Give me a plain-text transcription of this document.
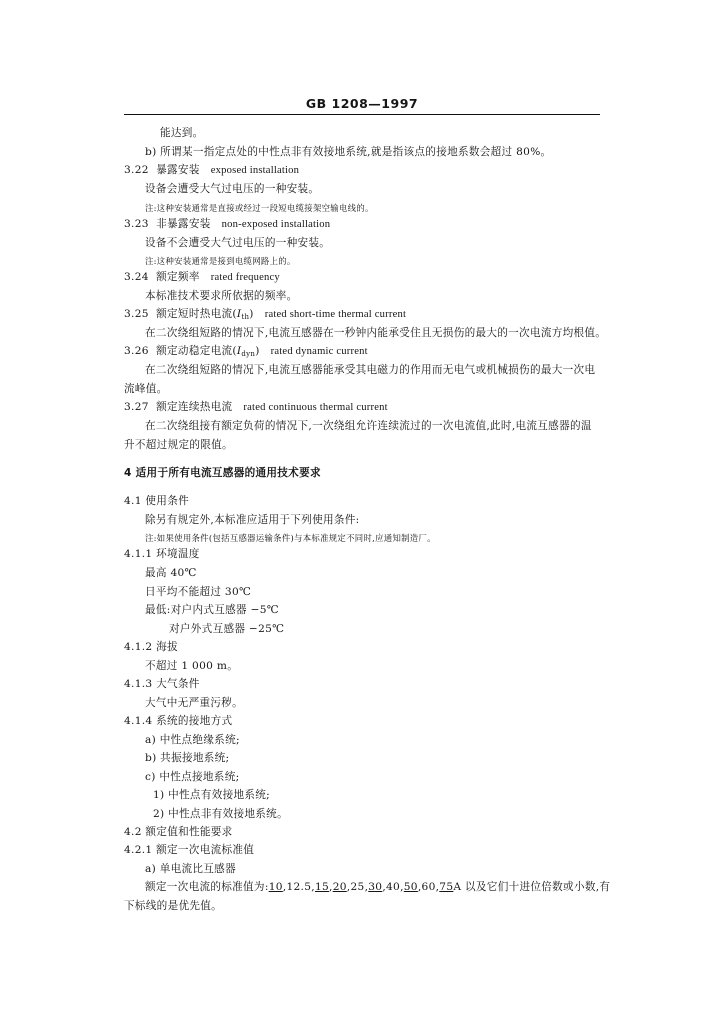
GB 1208—1997
能达到。
b) 所谓某一指定点处的中性点非有效接地系统,就是指该点的接地系数会超过 80%。
3.22 暴露安装 exposed installation
设备会遭受大气过电压的一种安装。
注:这种安装通常是直接或经过一段短电缆接架空输电线的。
3.23 非暴露安装 non-exposed installation
设备不会遭受大气过电压的一种安装。
注:这种安装通常是接到电缆网路上的。
3.24 额定频率 rated frequency
本标准技术要求所依据的频率。
3.25 额定短时热电流$(I_{th})$ rated short-time thermal current
在二次绕组短路的情况下,电流互感器在一秒钟内能承受住且无损伤的最大的一次电流方均根值。
3.26 额定动稳定电流$(I_{dyn})$ rated dynamic current
在二次绕组短路的情况下,电流互感器能承受其电磁力的作用而无电气或机械损伤的最大一次电
流峰值。
3.27 额定连续热电流 rated continuous thermal current
在二次绕组接有额定负荷的情况下,一次绕组允许连续流过的一次电流值,此时,电流互感器的温
升不超过规定的限值。
4 适用于所有电流互感器的通用技术要求
4.1 使用条件
除另有规定外,本标准应适用于下列使用条件:
注:如果使用条件(包括互感器运输条件)与本标准规定不同时,应通知制造厂。
4.1.1 环境温度
最高 40℃
日平均不能超过 30℃
最低:对户内式互感器 −5℃
对户外式互感器 −25℃
4.1.2 海拔
不超过 1 000 m。
4.1.3 大气条件
大气中无严重污秽。
4.1.4 系统的接地方式
a) 中性点绝缘系统;
b) 共振接地系统;
c) 中性点接地系统;
1) 中性点有效接地系统;
2) 中性点非有效接地系统。
4.2 额定值和性能要求
4.2.1 额定一次电流标准值
a) 单电流比互感器
额定一次电流的标准值为:10,12.5,15,20,25,30,40,50,60,75A 以及它们十进位倍数或小数,有
下标线的是优先值。
